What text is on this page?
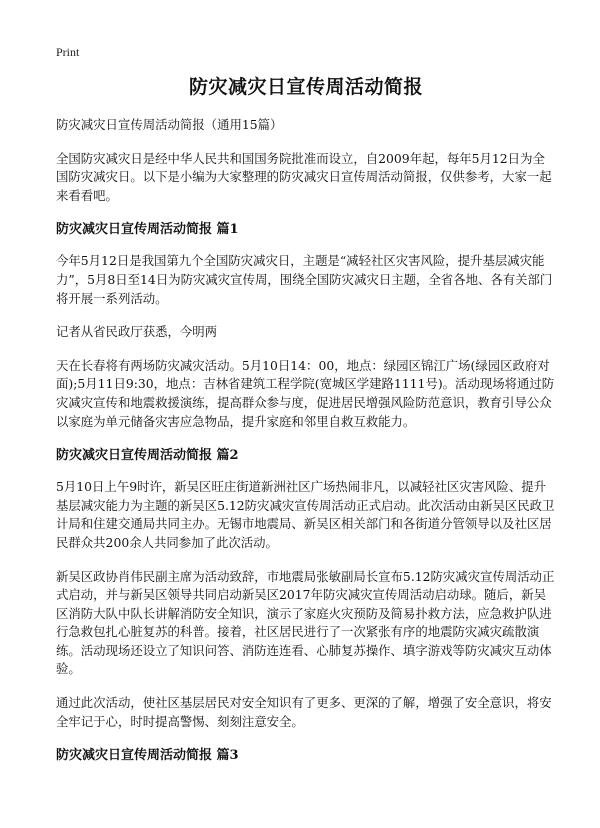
Print
防灾减灾日宣传周活动简报
防灾减灾日宣传周活动简报（通用15篇）
全国防灾减灾日是经中华人民共和国国务院批准而设立，自2009年起，每年5月12日为全国防灾减灾日。以下是小编为大家整理的防灾减灾日宣传周活动简报，仅供参考，大家一起来看看吧。
防灾减灾日宣传周活动简报 篇1
今年5月12日是我国第九个全国防灾减灾日，主题是“减轻社区灾害风险，提升基层减灾能力”，5月8日至14日为防灾减灾宣传周，围绕全国防灾减灾日主题，全省各地、各有关部门将开展一系列活动。
记者从省民政厅获悉，今明两
天在长春将有两场防灾减灾活动。5月10日14：00，地点：绿园区锦江广场(绿园区政府对面);5月11日9:30，地点：吉林省建筑工程学院(宽城区学建路1111号)。活动现场将通过防灾减灾宣传和地震救援演练，提高群众参与度，促进居民增强风险防范意识，教育引导公众以家庭为单元储备灾害应急物品，提升家庭和邻里自救互救能力。
防灾减灾日宣传周活动简报 篇2
5月10日上午9时许，新吴区旺庄街道新洲社区广场热闹非凡，以减轻社区灾害风险、提升基层减灾能力为主题的新吴区5.12防灾减灾宣传周活动正式启动。此次活动由新吴区民政卫计局和住建交通局共同主办。无锡市地震局、新吴区相关部门和各街道分管领导以及社区居民群众共200余人共同参加了此次活动。
新吴区政协肖伟民副主席为活动致辞，市地震局张敏副局长宣布5.12防灾减灾宣传周活动正式启动，并与新吴区领导共同启动新吴区2017年防灾减灾宣传周活动启动球。随后，新吴区消防大队中队长讲解消防安全知识，演示了家庭火灾预防及简易扑救方法，应急救护队进行急救包扎心脏复苏的科普。接着，社区居民进行了一次紧张有序的地震防灾减灾疏散演练。活动现场还设立了知识问答、消防连连看、心肺复苏操作、填字游戏等防灾减灾互动体验。
通过此次活动，使社区基层居民对安全知识有了更多、更深的了解，增强了安全意识，将安全牢记于心，时时提高警惕、刻刻注意安全。
防灾减灾日宣传周活动简报 篇3
